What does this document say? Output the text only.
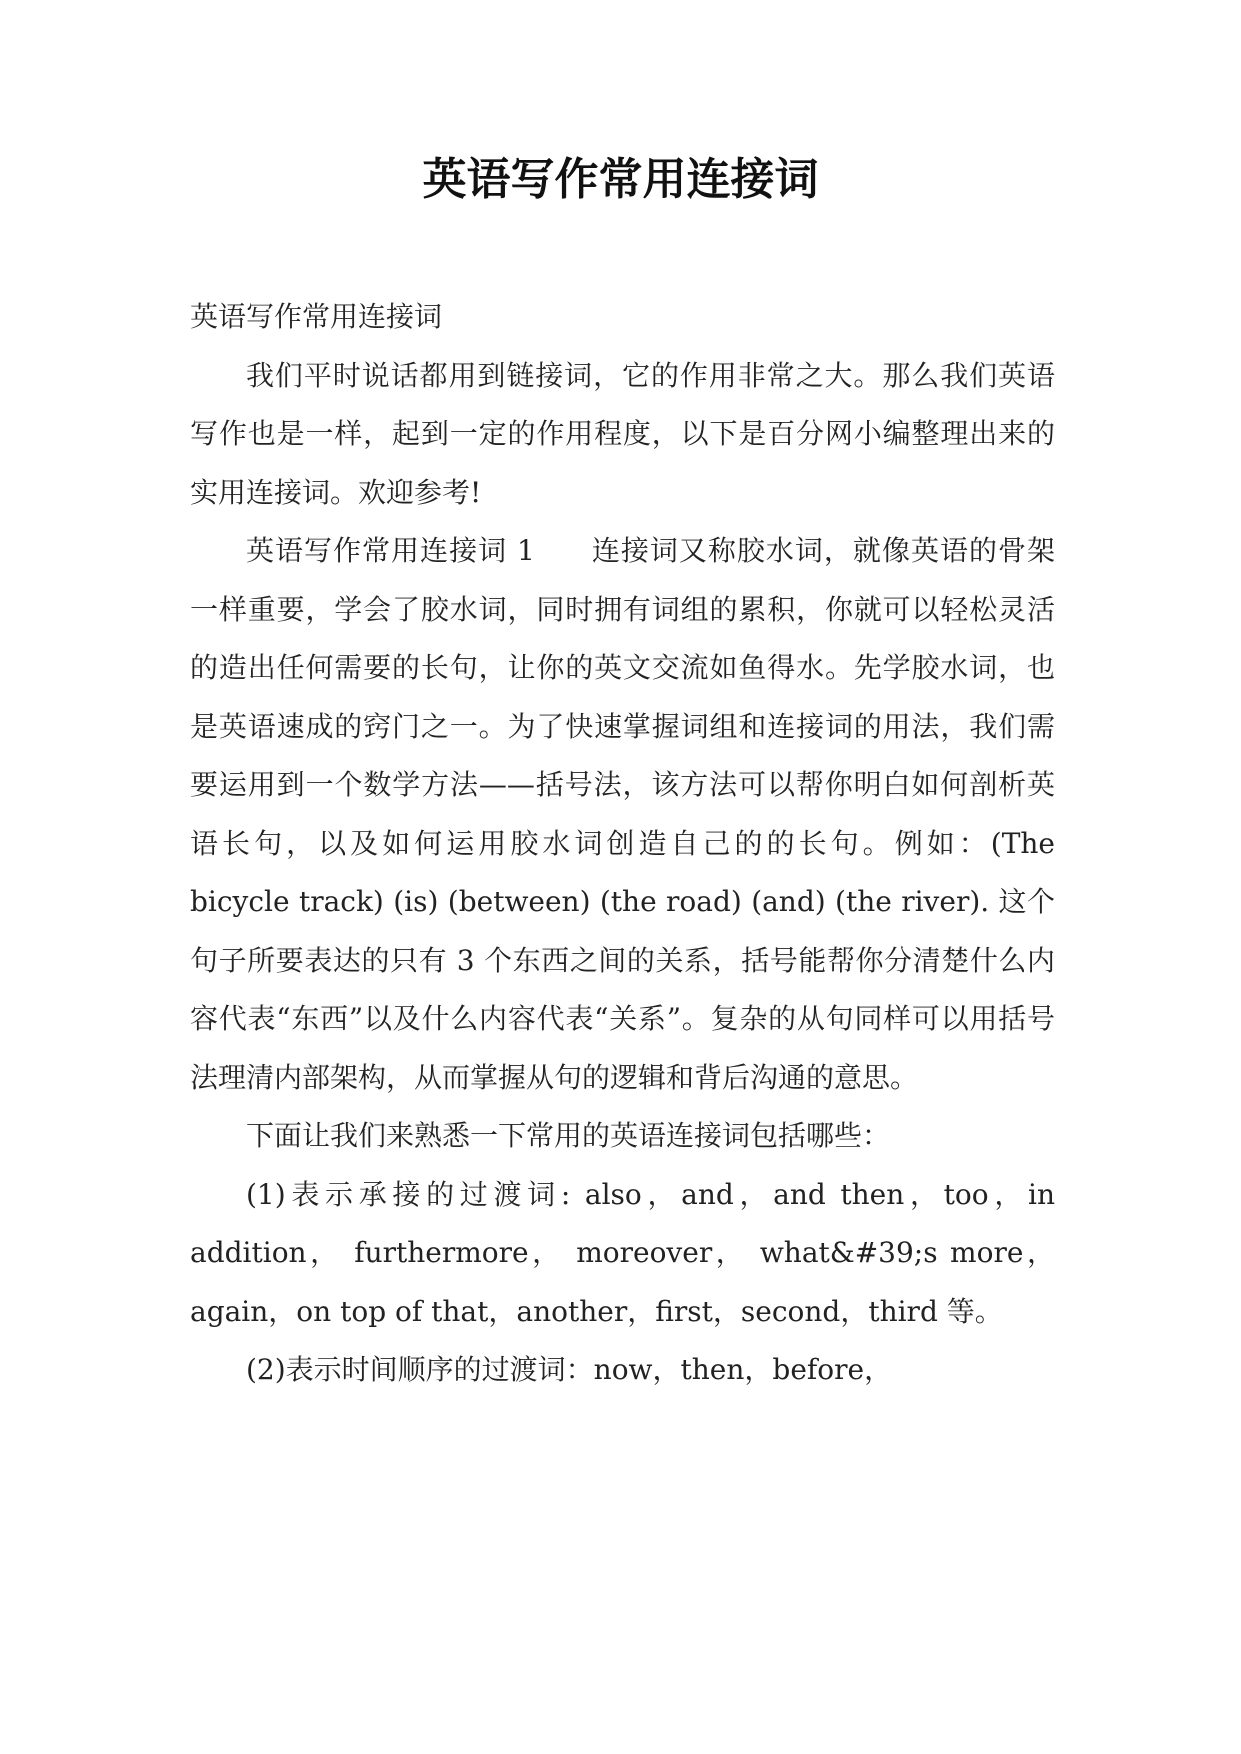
英语写作常用连接词

英语写作常用连接词

我们平时说话都用到链接词，它的作用非常之大。那么我们英语写作也是一样，起到一定的作用程度，以下是百分网小编整理出来的实用连接词。欢迎参考!

英语写作常用连接词 1 连接词又称胶水词，就像英语的骨架一样重要，学会了胶水词，同时拥有词组的累积，你就可以轻松灵活的造出任何需要的长句，让你的英文交流如鱼得水。先学胶水词，也是英语速成的窍门之一。为了快速掌握词组和连接词的用法，我们需要运用到一个数学方法——括号法，该方法可以帮你明白如何剖析英语长句，以及如何运用胶水词创造自己的的长句。例如：(The bicycle track) (is) (between) (the road) (and) (the river). 这个句子所要表达的只有 3 个东西之间的关系，括号能帮你分清楚什么内容代表“东西”以及什么内容代表“关系”。复杂的从句同样可以用括号法理清内部架构，从而掌握从句的逻辑和背后沟通的意思。

下面让我们来熟悉一下常用的英语连接词包括哪些：

(1)表示承接的过渡词: also，and，and then，too，in addition， furthermore， moreover， what&#39;s more，again，on top of that，another，first，second，third 等。

(2)表示时间顺序的过渡词：now，then，before，
